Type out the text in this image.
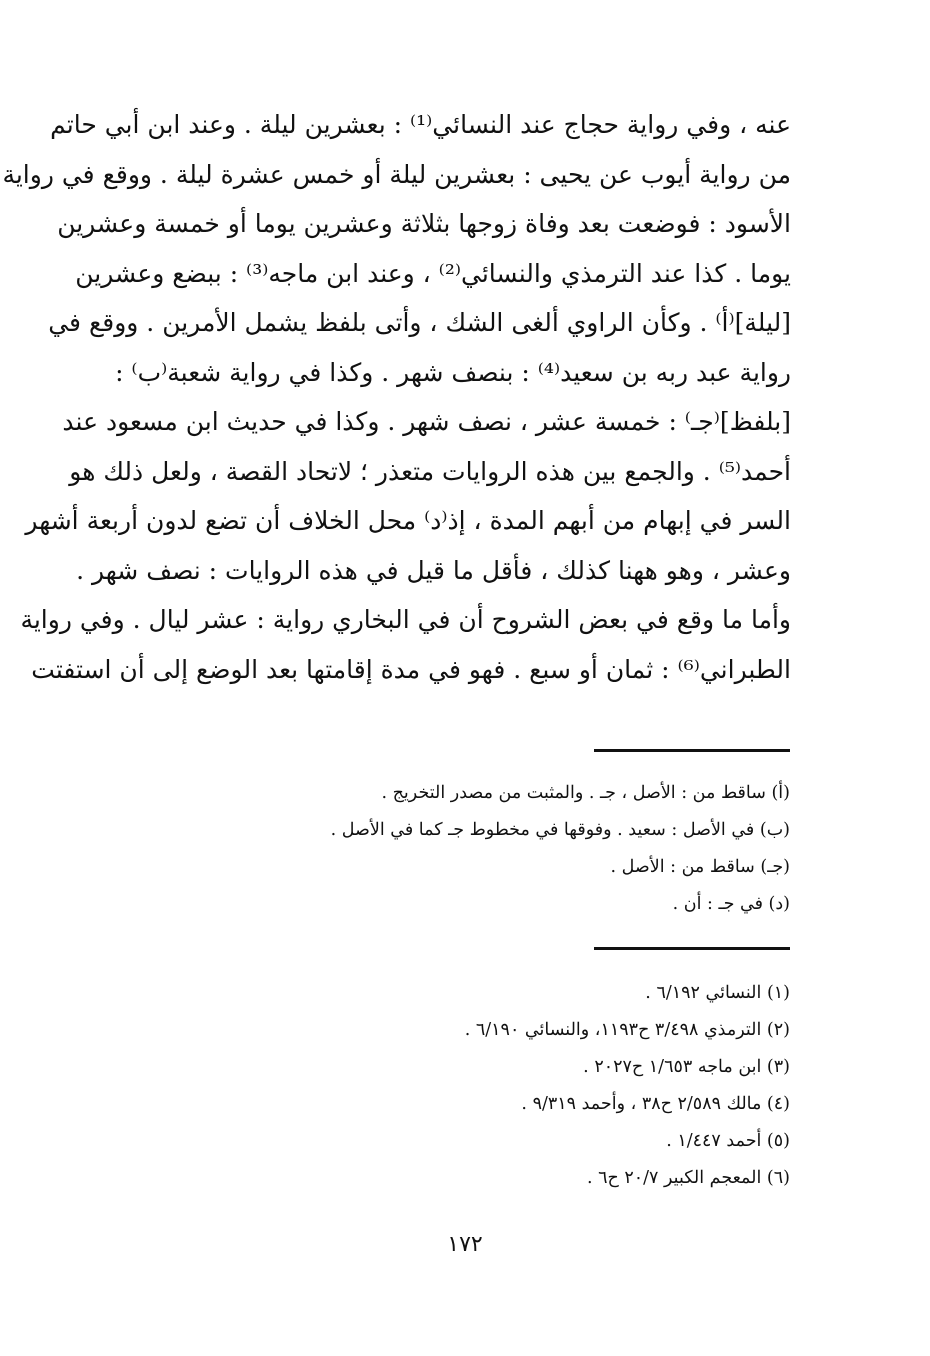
عنه ، وفي رواية حجاج عند النسائي⁽¹⁾ : بعشرين ليلة . وعند ابن أبي حاتم
من رواية أيوب عن يحيى : بعشرين ليلة أو خمس عشرة ليلة . ووقع في رواية
الأسود : فوضعت بعد وفاة زوجها بثلاثة وعشرين يوما أو خمسة وعشرين
يوما . كذا عند الترمذي والنسائي⁽²⁾ ، وعند ابن ماجه⁽³⁾ : ببضع وعشرين
[ليلة]⁽أ⁾ . وكأن الراوي ألغى الشك ، وأتى بلفظ يشمل الأمرين . ووقع في
رواية عبد ربه بن سعيد⁽⁴⁾ : بنصف شهر . وكذا في رواية شعبة⁽ب⁾ :
[بلفظ]⁽جـ⁾ : خمسة عشر ، نصف شهر . وكذا في حديث ابن مسعود عند
أحمد⁽⁵⁾ . والجمع بين هذه الروايات متعذر ؛ لاتحاد القصة ، ولعل ذلك هو
السر في إبهام من أبهم المدة ، إذ⁽د⁾ محل الخلاف أن تضع لدون أربعة أشهر
وعشر ، وهو ههنا كذلك ، فأقل ما قيل في هذه الروايات : نصف شهر .
وأما ما وقع في بعض الشروح أن في البخاري رواية : عشر ليال . وفي رواية
الطبراني⁽⁶⁾ : ثمان أو سبع . فهو في مدة إقامتها بعد الوضع إلى أن استفتت
(أ) ساقط من : الأصل ، جـ . والمثبت من مصدر التخريج .
(ب) في الأصل : سعيد . وفوقها في مخطوط جـ كما في الأصل .
(جـ) ساقط من : الأصل .
(د) في جـ : أن .
(١) النسائي ٦/١٩٢ .
(٢) الترمذي ٣/٤٩٨ ح١١٩٣، والنسائي ٦/١٩٠ .
(٣) ابن ماجه ١/٦٥٣ ح٢٠٢٧ .
(٤) مالك ٢/٥٨٩ ح٣٨ ، وأحمد ٩/٣١٩ .
(٥) أحمد ١/٤٤٧ .
(٦) المعجم الكبير ٢٠/٧ ح٦ .
١٧٢
